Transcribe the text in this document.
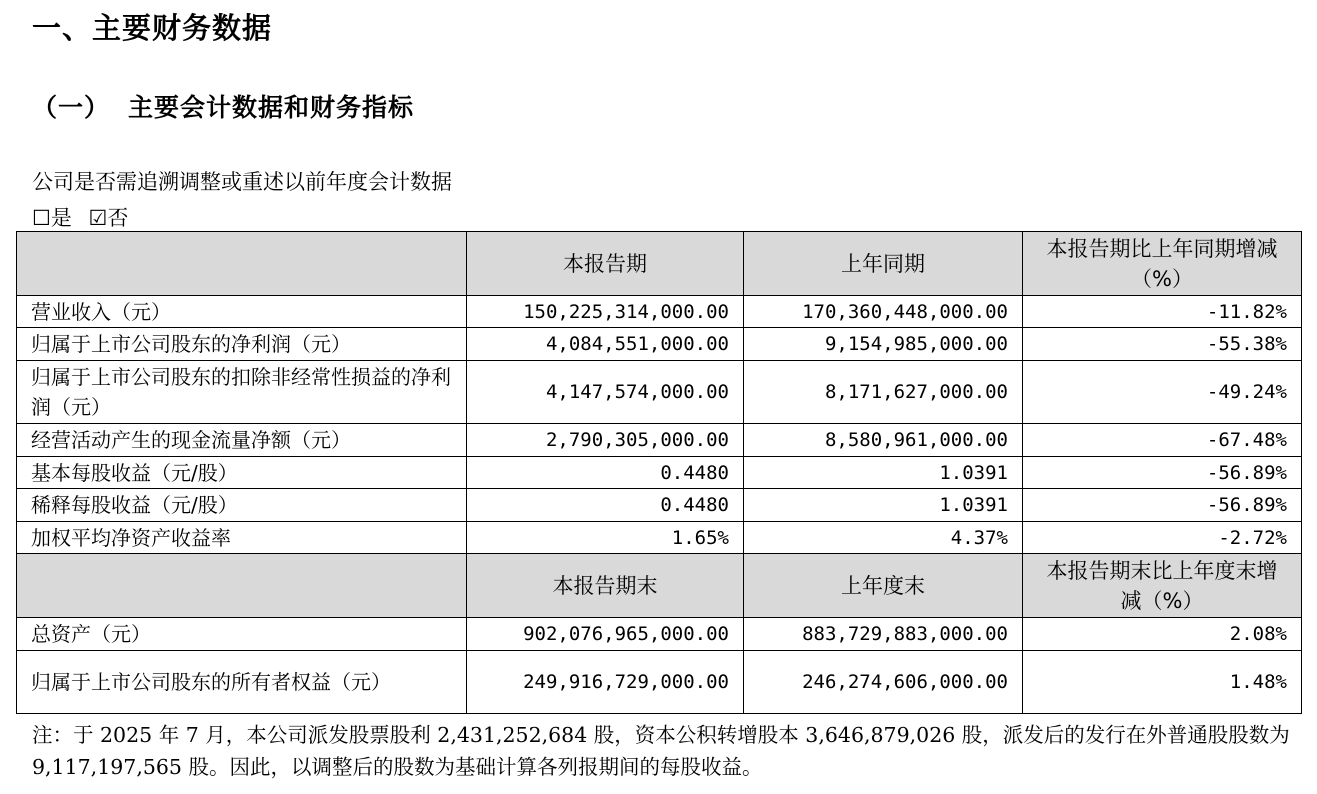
一、主要财务数据
（一） 主要会计数据和财务指标
公司是否需追溯调整或重述以前年度会计数据
☐是 ☑否
	本报告期	上年同期	本报告期比上年同期增减（%）
营业收入（元）	150,225,314,000.00	170,360,448,000.00	-11.82%
归属于上市公司股东的净利润（元）	4,084,551,000.00	9,154,985,000.00	-55.38%
归属于上市公司股东的扣除非经常性损益的净利润（元）	4,147,574,000.00	8,171,627,000.00	-49.24%
经营活动产生的现金流量净额（元）	2,790,305,000.00	8,580,961,000.00	-67.48%
基本每股收益（元/股）	0.4480	1.0391	-56.89%
稀释每股收益（元/股）	0.4480	1.0391	-56.89%
加权平均净资产收益率	1.65%	4.37%	-2.72%
	本报告期末	上年度末	本报告期末比上年度末增减（%）
总资产（元）	902,076,965,000.00	883,729,883,000.00	2.08%
归属于上市公司股东的所有者权益（元）	249,916,729,000.00	246,274,606,000.00	1.48%
注：于 2025 年 7 月，本公司派发股票股利 2,431,252,684 股，资本公积转增股本 3,646,879,026 股，派发后的发行在外普通股股数为 9,117,197,565 股。因此，以调整后的股数为基础计算各列报期间的每股收益。
